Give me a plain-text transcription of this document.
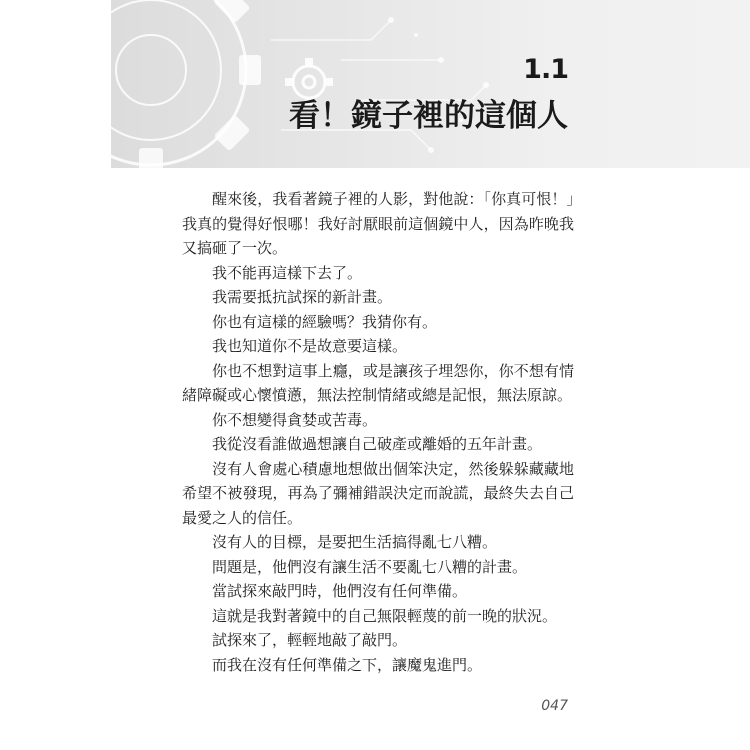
1.1
看！鏡子裡的這個人

醒來後，我看著鏡子裡的人影，對他說：「你真可恨！」我真的覺得好恨哪！我好討厭眼前這個鏡中人，因為昨晚我又搞砸了一次。

我不能再這樣下去了。

我需要抵抗試探的新計畫。

你也有這樣的經驗嗎？我猜你有。

我也知道你不是故意要這樣。

你也不想對這事上癮，或是讓孩子埋怨你，你不想有情緒障礙或心懷憤懣，無法控制情緒或總是記恨，無法原諒。

你不想變得貪婪或苦毒。

我從沒看誰做過想讓自己破產或離婚的五年計畫。

沒有人會處心積慮地想做出個笨決定，然後躲躲藏藏地希望不被發現，再為了彌補錯誤決定而說謊，最終失去自己最愛之人的信任。

沒有人的目標，是要把生活搞得亂七八糟。

問題是，他們沒有讓生活不要亂七八糟的計畫。

當試探來敲門時，他們沒有任何準備。

這就是我對著鏡中的自己無限輕蔑的前一晚的狀況。

試探來了，輕輕地敲了敲門。

而我在沒有任何準備之下，讓魔鬼進門。

047
